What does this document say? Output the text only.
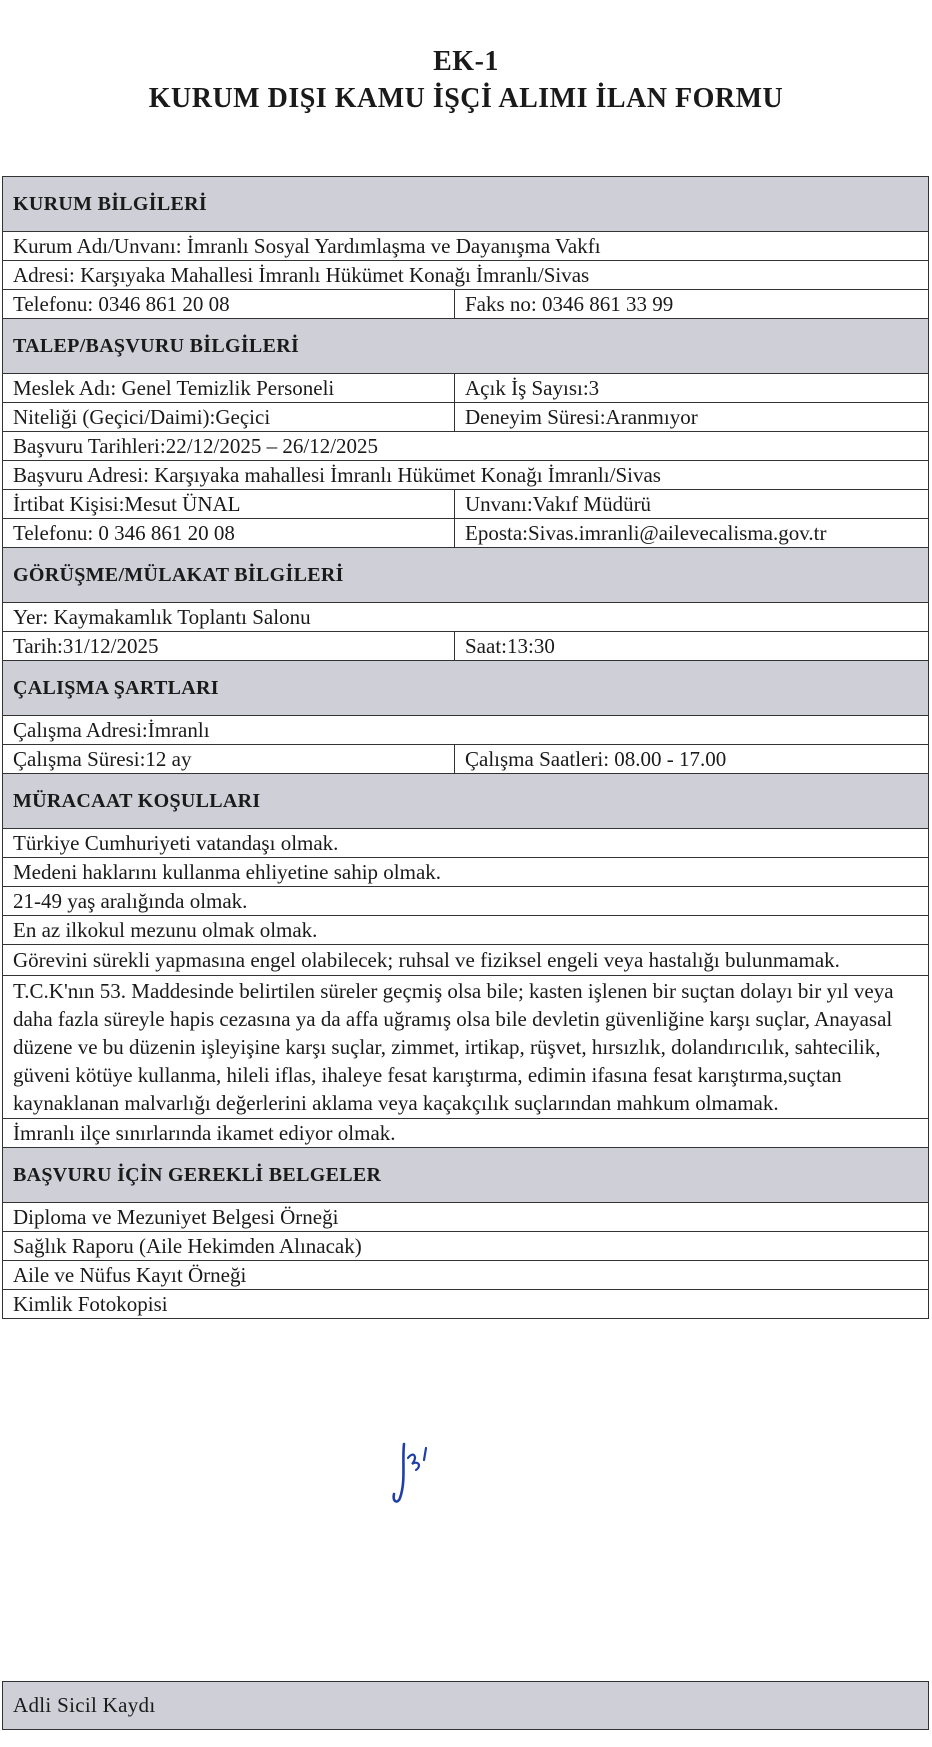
EK-1
KURUM DIŞI KAMU İŞÇİ ALIMI İLAN FORMU
KURUM BİLGİLERİ
Kurum Adı/Unvanı: İmranlı Sosyal Yardımlaşma ve Dayanışma Vakfı
Adresi: Karşıyaka Mahallesi İmranlı Hükümet Konağı İmranlı/Sivas
Telefonu: 0346 861 20 08	Faks no: 0346 861 33 99
TALEP/BAŞVURU BİLGİLERİ
Meslek Adı: Genel Temizlik Personeli	Açık İş Sayısı:3
Niteliği (Geçici/Daimi):Geçici	Deneyim Süresi:Aranmıyor
Başvuru Tarihleri:22/12/2025 – 26/12/2025
Başvuru Adresi: Karşıyaka mahallesi İmranlı Hükümet Konağı İmranlı/Sivas
İrtibat Kişisi:Mesut ÜNAL	Unvanı:Vakıf Müdürü
Telefonu: 0 346 861 20 08	Eposta:Sivas.imranli@ailevecalisma.gov.tr
GÖRÜŞME/MÜLAKAT BİLGİLERİ
Yer: Kaymakamlık Toplantı Salonu
Tarih:31/12/2025	Saat:13:30
ÇALIŞMA ŞARTLARI
Çalışma Adresi:İmranlı
Çalışma Süresi:12 ay	Çalışma Saatleri: 08.00 - 17.00
MÜRACAAT KOŞULLARI
Türkiye Cumhuriyeti vatandaşı olmak.
Medeni haklarını kullanma ehliyetine sahip olmak.
21-49 yaş aralığında olmak.
En az ilkokul mezunu olmak olmak.
Görevini sürekli yapmasına engel olabilecek; ruhsal ve fiziksel engeli veya hastalığı bulunmamak.
T.C.K'nın 53. Maddesinde belirtilen süreler geçmiş olsa bile; kasten işlenen bir suçtan dolayı bir yıl veya daha fazla süreyle hapis cezasına ya da affa uğramış olsa bile devletin güvenliğine karşı suçlar, Anayasal düzene ve bu düzenin işleyişine karşı suçlar, zimmet, irtikap, rüşvet, hırsızlık, dolandırıcılık, sahtecilik, güveni kötüye kullanma, hileli iflas, ihaleye fesat karıştırma, edimin ifasına fesat karıştırma,suçtan kaynaklanan malvarlığı değerlerini aklama veya kaçakçılık suçlarından mahkum olmamak.
İmranlı ilçe sınırlarında ikamet ediyor olmak.
BAŞVURU İÇİN GEREKLİ BELGELER
Diploma ve Mezuniyet Belgesi Örneği
Sağlık Raporu (Aile Hekimden Alınacak)
Aile ve Nüfus Kayıt Örneği
Kimlik Fotokopisi
Adli Sicil Kaydı
